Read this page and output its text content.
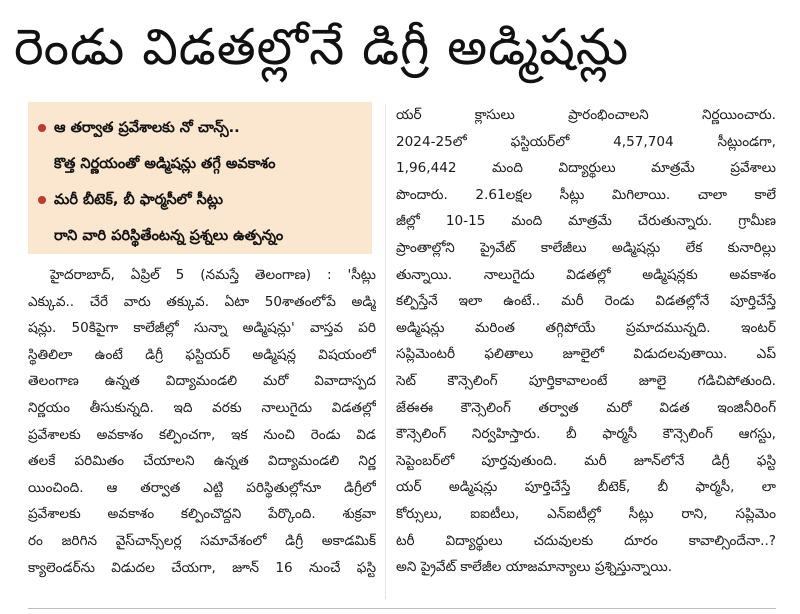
రెండు విడతల్లోనే డిగ్రీ అడ్మిషన్లు
ఆ తర్వాత ప్రవేశాలకు నో చాన్స్‌..
కొత్త నిర్ణయంతో అడ్మిషన్లు తగ్గే అవకాశం
మరీ బీటెక్‌, బీ ఫార్మసీలో సీట్లు
రాని వారి పరిస్థితేంటన్న ప్రశ్నలు ఉత్పన్నం
హైదరాబాద్‌, ఏప్రిల్‌ 5 (నమస్తే తెలంగాణ) : 'సీట్లు
ఎక్కువ.. చేరే వారు తక్కువ. ఏటా 50శాతంలోపే అడ్మి
షన్లు. 50కిపైగా కాలేజీల్లో సున్నా అడ్మిషన్లు' వాస్తవ పరి
స్థితిలిలా ఉంటే డిగ్రీ ఫస్టియర్‌ అడ్మిషన్ల విషయంలో
తెలంగాణ ఉన్నత విద్యామండలి మరో వివాదాస్పద
నిర్ణయం తీసుకున్నది. ఇది వరకు నాలుగైదు విడతల్లో
ప్రవేశాలకు అవకాశం కల్పించగా, ఇక నుంచి రెండు విడ
తలకే పరిమితం చేయాలని ఉన్నత విద్యామండలి నిర్ణ
యించింది. ఆ తర్వాత ఎట్టి పరిస్థితుల్లోనూ డిగ్రీలో
ప్రవేశాలకు అవకాశం కల్పించొద్దని పేర్కొంది. శుక్రవా
రం జరిగిన వైస్‌చాన్స్‌లర్ల సమావేశంలో డిగ్రీ అకాడమిక్‌
క్యాలెండర్‌ను విడుదల చేయగా, జూన్‌ 16 నుంచే ఫస్టి
యర్‌ క్లాసులు ప్రారంభించాలని నిర్ణయించారు.
2024-25లో ఫస్టియర్‌లో 4,57,704 సీట్లుండగా,
1,96,442 మంది విద్యార్థులు మాత్రమే ప్రవేశాలు
పొందారు. 2.61లక్షల సీట్లు మిగిలాయి. చాలా కాలే
జీల్లో 10-15 మంది మాత్రమే చేరుతున్నారు. గ్రామీణ
ప్రాంతాల్లోని ప్రైవేట్‌ కాలేజీలు అడ్మిషన్లు లేక కునారిల్లు
తున్నాయి. నాలుగైదు విడతల్లో అడ్మిషన్లకు అవకాశం
కల్పిస్తేనే ఇలా ఉంటే.. మరీ రెండు విడతల్లోనే పూర్తిచేస్తే
అడ్మిషన్లు మరింత తగ్గిపోయే ప్రమాదమున్నది. ఇంటర్‌
సప్లిమెంటరీ ఫలితాలు జూలైలో విడుదలవుతాయి. ఎప్‌
సెట్‌ కౌన్సెలింగ్‌ పూర్తికావాలంటే జూలై గడిచిపోతుంది.
జేఈఈ కౌన్సెలింగ్‌ తర్వాత మరో విడత ఇంజినీరింగ్‌
కౌన్సెలింగ్‌ నిర్వహిస్తారు. బీ ఫార్మసీ కౌన్సెలింగ్‌ ఆగస్టు,
సెప్టెంబర్‌లో పూర్తవుతుంది. మరీ జూన్‌లోనే డిగ్రీ ఫస్టి
యర్‌ అడ్మిషన్లు పూర్తిచేస్తే బీటెక్‌, బీ ఫార్మసీ, లా
కోర్సులు, ఐఐటీలు, ఎన్‌ఐటీల్లో సీట్లు రాని, సప్లిమెం
టరీ విద్యార్థులు చదువులకు దూరం కావాల్సిందేనా..?
అని ప్రైవేట్‌ కాలేజీల యాజమాన్యాలు ప్రశ్నిస్తున్నాయి.
